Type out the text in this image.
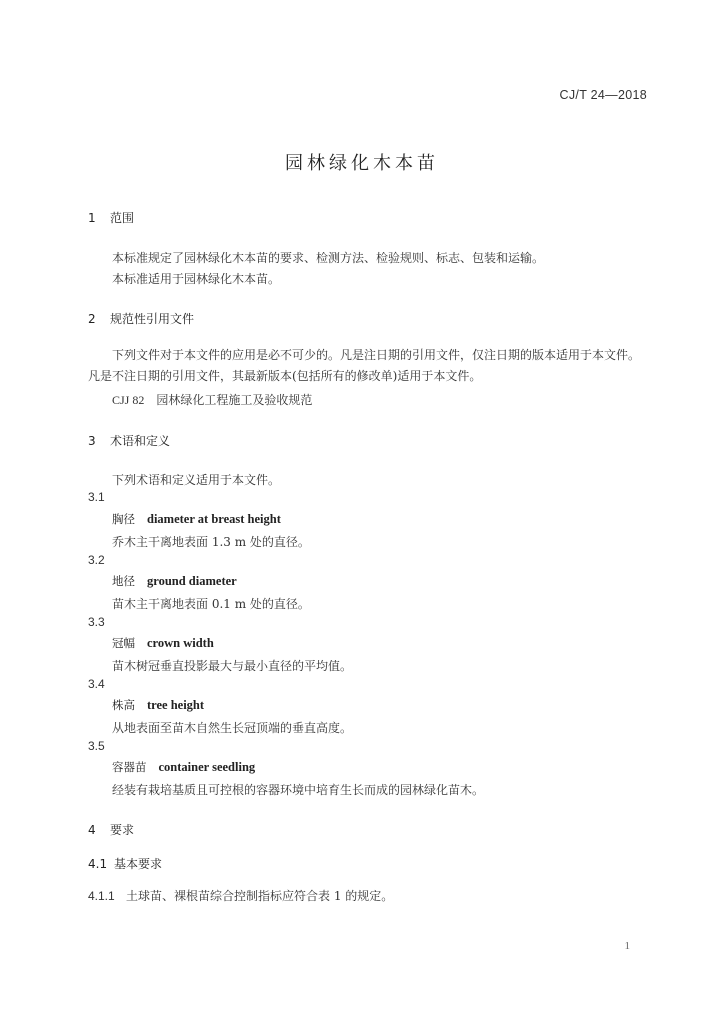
CJ/T 24—2018
园林绿化木本苗
1 范围
本标准规定了园林绿化木本苗的要求、检测方法、检验规则、标志、包装和运输。
本标准适用于园林绿化木本苗。
2 规范性引用文件
下列文件对于本文件的应用是必不可少的。凡是注日期的引用文件，仅注日期的版本适用于本文件。凡是不注日期的引用文件，其最新版本(包括所有的修改单)适用于本文件。
CJJ 82 园林绿化工程施工及验收规范
3 术语和定义
下列术语和定义适用于本文件。
3.1
胸径 diameter at breast height
乔木主干离地表面 1.3 m 处的直径。
3.2
地径 ground diameter
苗木主干离地表面 0.1 m 处的直径。
3.3
冠幅 crown width
苗木树冠垂直投影最大与最小直径的平均值。
3.4
株高 tree height
从地表面至苗木自然生长冠顶端的垂直高度。
3.5
容器苗 container seedling
经装有栽培基质且可控根的容器环境中培育生长而成的园林绿化苗木。
4 要求
4.1 基本要求
4.1.1 土球苗、裸根苗综合控制指标应符合表 1 的规定。
1
